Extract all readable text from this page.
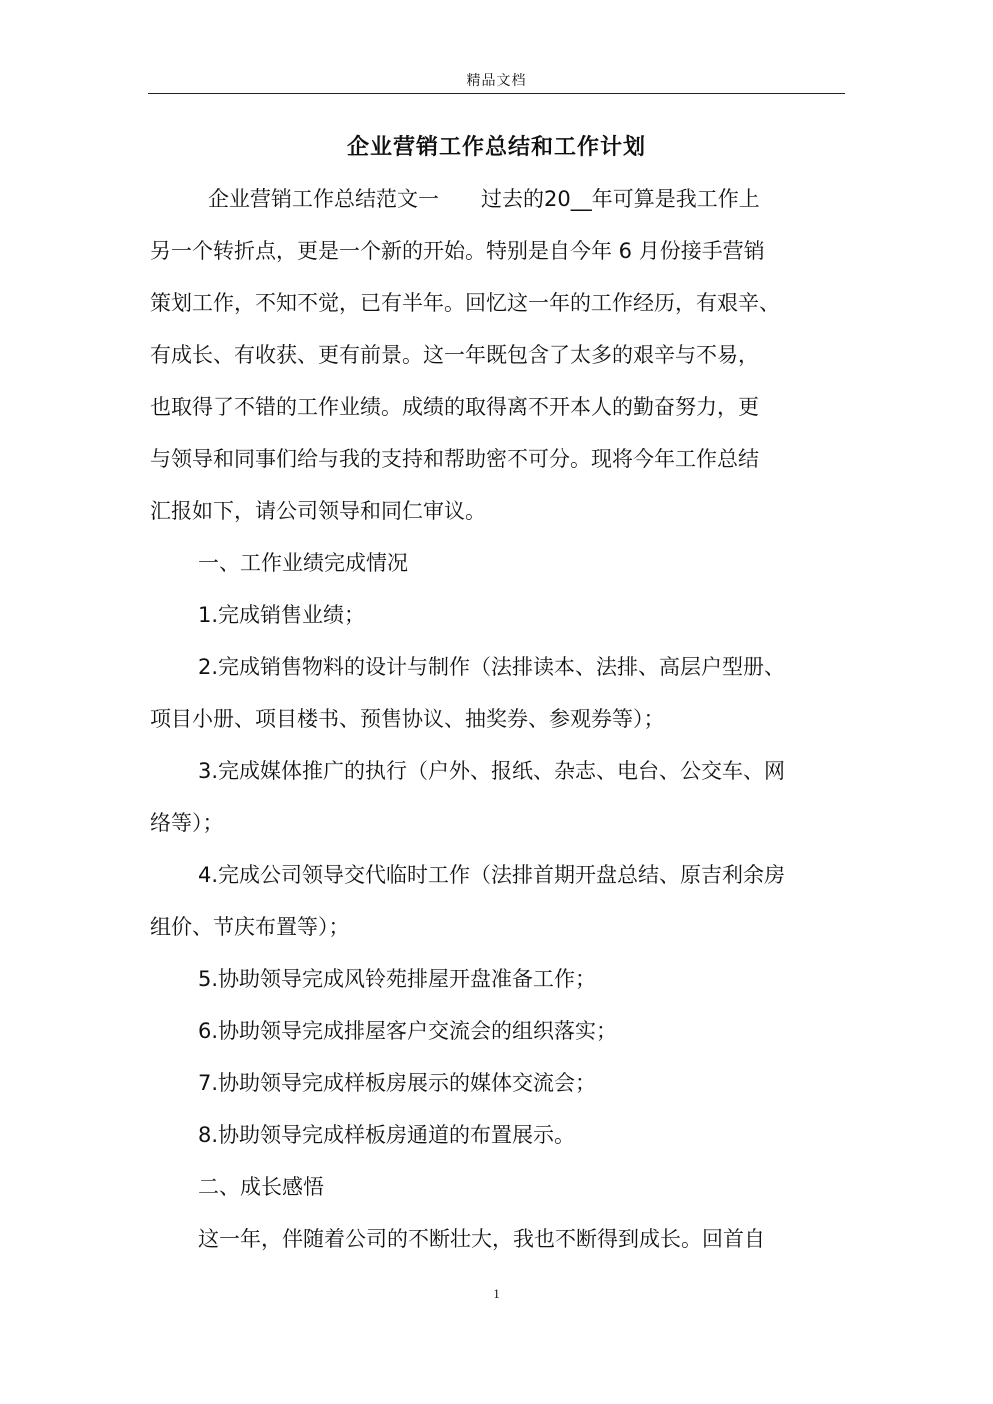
精品文档
企业营销工作总结和工作计划
企业营销工作总结范文一　　过去的20__年可算是我工作上
另一个转折点，更是一个新的开始。特别是自今年 6 月份接手营销
策划工作，不知不觉，已有半年。回忆这一年的工作经历，有艰辛、
有成长、有收获、更有前景。这一年既包含了太多的艰辛与不易，
也取得了不错的工作业绩。成绩的取得离不开本人的勤奋努力，更
与领导和同事们给与我的支持和帮助密不可分。现将今年工作总结
汇报如下，请公司领导和同仁审议。
一、工作业绩完成情况
1.完成销售业绩；
2.完成销售物料的设计与制作（法排读本、法排、高层户型册、
项目小册、项目楼书、预售协议、抽奖券、参观券等）；
3.完成媒体推广的执行（户外、报纸、杂志、电台、公交车、网
络等）；
4.完成公司领导交代临时工作（法排首期开盘总结、原吉利余房
组价、节庆布置等）；
5.协助领导完成风铃苑排屋开盘准备工作；
6.协助领导完成排屋客户交流会的组织落实；
7.协助领导完成样板房展示的媒体交流会；
8.协助领导完成样板房通道的布置展示。
二、成长感悟
这一年，伴随着公司的不断壮大，我也不断得到成长。回首自
1
